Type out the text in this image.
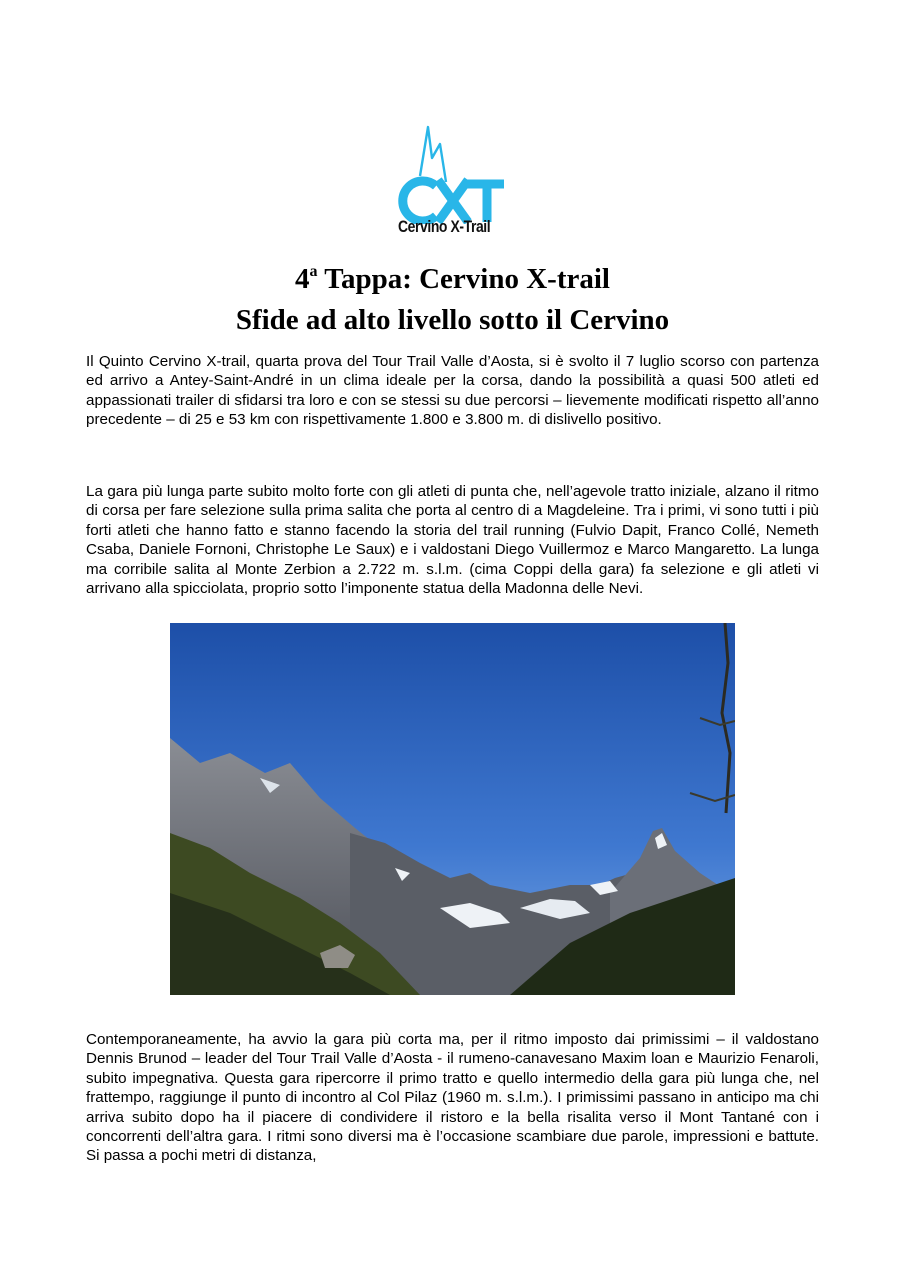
Cervino X-Trail
4$^a$ Tappa: Cervino X-trail
Sfide ad alto livello sotto il Cervino

Il Quinto Cervino X-trail, quarta prova del Tour Trail Valle d’Aosta, si è svolto il 7 luglio scorso con partenza ed arrivo a Antey-Saint-André in un clima ideale per la corsa, dando la possibilità a quasi 500 atleti ed appassionati trailer di sfidarsi tra loro e con se stessi su due percorsi – lievemente modificati rispetto all’anno precedente – di 25 e 53 km con rispettivamente 1.800 e 3.800 m. di dislivello positivo.

La gara più lunga parte subito molto forte con gli atleti di punta che, nell’agevole tratto iniziale, alzano il ritmo di corsa per fare selezione sulla prima salita che porta al centro di a Magdeleine. Tra i primi, vi sono tutti i più forti atleti che hanno fatto e stanno facendo la storia del trail running (Fulvio Dapit, Franco Collé, Nemeth Csaba, Daniele Fornoni, Christophe Le Saux) e i valdostani Diego Vuillermoz e Marco Mangaretto. La lunga ma corribile salita al Monte Zerbion a 2.722 m. s.l.m. (cima Coppi della gara) fa selezione e gli atleti vi arrivano alla spicciolata, proprio sotto l’imponente statua della Madonna delle Nevi.

Contemporaneamente, ha avvio la gara più corta ma, per il ritmo imposto dai primissimi – il valdostano Dennis Brunod – leader del Tour Trail Valle d’Aosta - il rumeno-canavesano Maxim loan e Maurizio Fenaroli, subito impegnativa. Questa gara ripercorre il primo tratto e quello intermedio della gara più lunga che, nel frattempo, raggiunge il punto di incontro al Col Pilaz (1960 m. s.l.m.). I primissimi passano in anticipo ma chi arriva subito dopo ha il piacere di condividere il ristoro e la bella risalita verso il Mont Tantané con i concorrenti dell’altra gara. I ritmi sono diversi ma è l’occasione scambiare due parole, impressioni e battute. Si passa a pochi metri di distanza,
